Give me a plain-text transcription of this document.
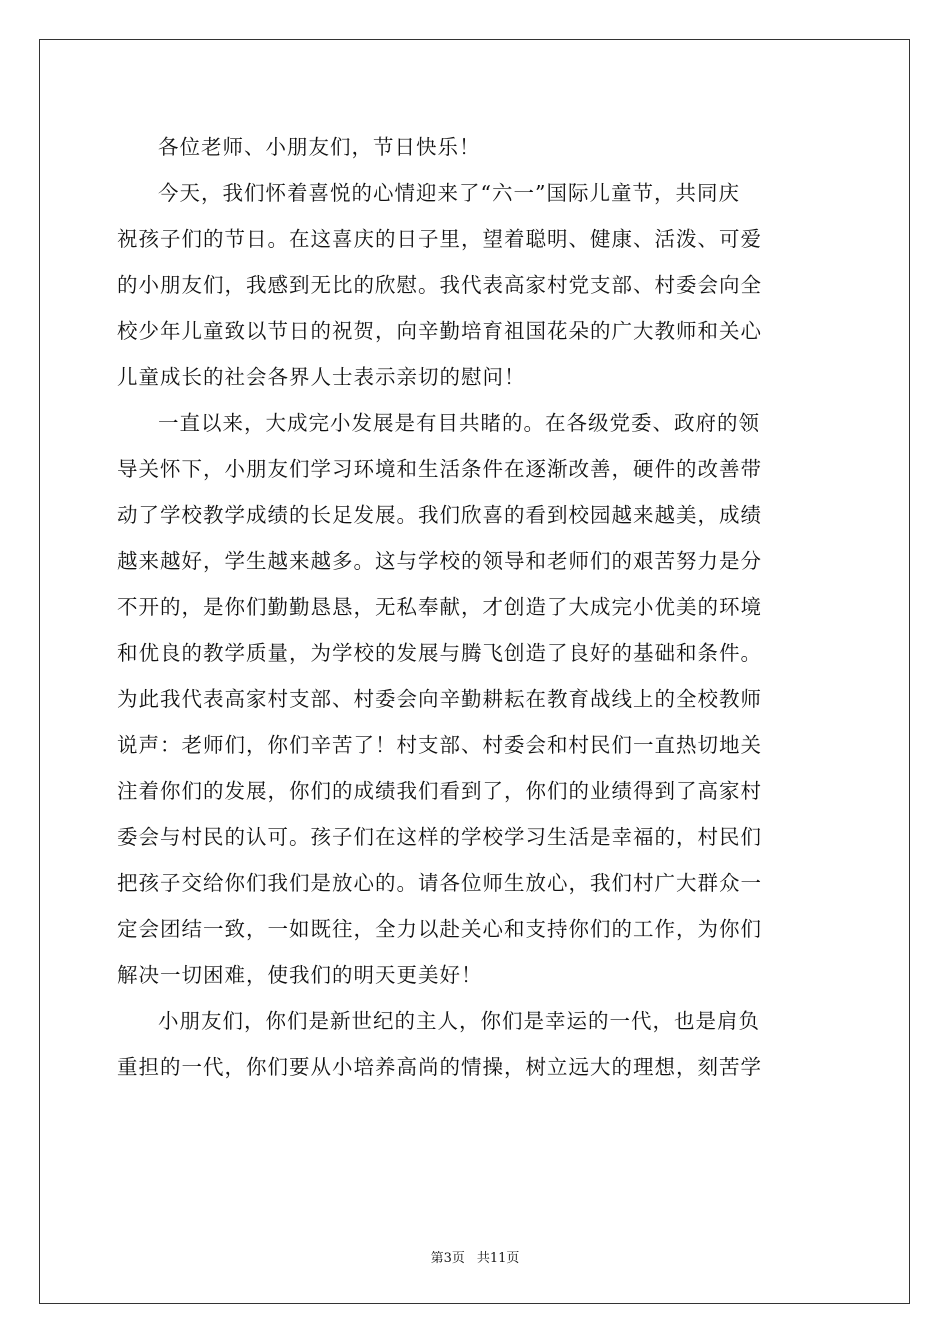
各位老师、小朋友们，节日快乐！

今天，我们怀着喜悦的心情迎来了“六一”国际儿童节，共同庆
祝孩子们的节日。在这喜庆的日子里，望着聪明、健康、活泼、可爱
的小朋友们，我感到无比的欣慰。我代表高家村党支部、村委会向全
校少年儿童致以节日的祝贺，向辛勤培育祖国花朵的广大教师和关心
儿童成长的社会各界人士表示亲切的慰问！

一直以来，大成完小发展是有目共睹的。在各级党委、政府的领
导关怀下，小朋友们学习环境和生活条件在逐渐改善，硬件的改善带
动了学校教学成绩的长足发展。我们欣喜的看到校园越来越美，成绩
越来越好，学生越来越多。这与学校的领导和老师们的艰苦努力是分
不开的，是你们勤勤恳恳，无私奉献，才创造了大成完小优美的环境
和优良的教学质量，为学校的发展与腾飞创造了良好的基础和条件。
为此我代表高家村支部、村委会向辛勤耕耘在教育战线上的全校教师
说声：老师们，你们辛苦了！村支部、村委会和村民们一直热切地关
注着你们的发展，你们的成绩我们看到了，你们的业绩得到了高家村
委会与村民的认可。孩子们在这样的学校学习生活是幸福的，村民们
把孩子交给你们我们是放心的。请各位师生放心，我们村广大群众一
定会团结一致，一如既往，全力以赴关心和支持你们的工作，为你们
解决一切困难，使我们的明天更美好！

小朋友们，你们是新世纪的主人，你们是幸运的一代，也是肩负
重担的一代，你们要从小培养高尚的情操，树立远大的理想，刻苦学

第3页 共11页
